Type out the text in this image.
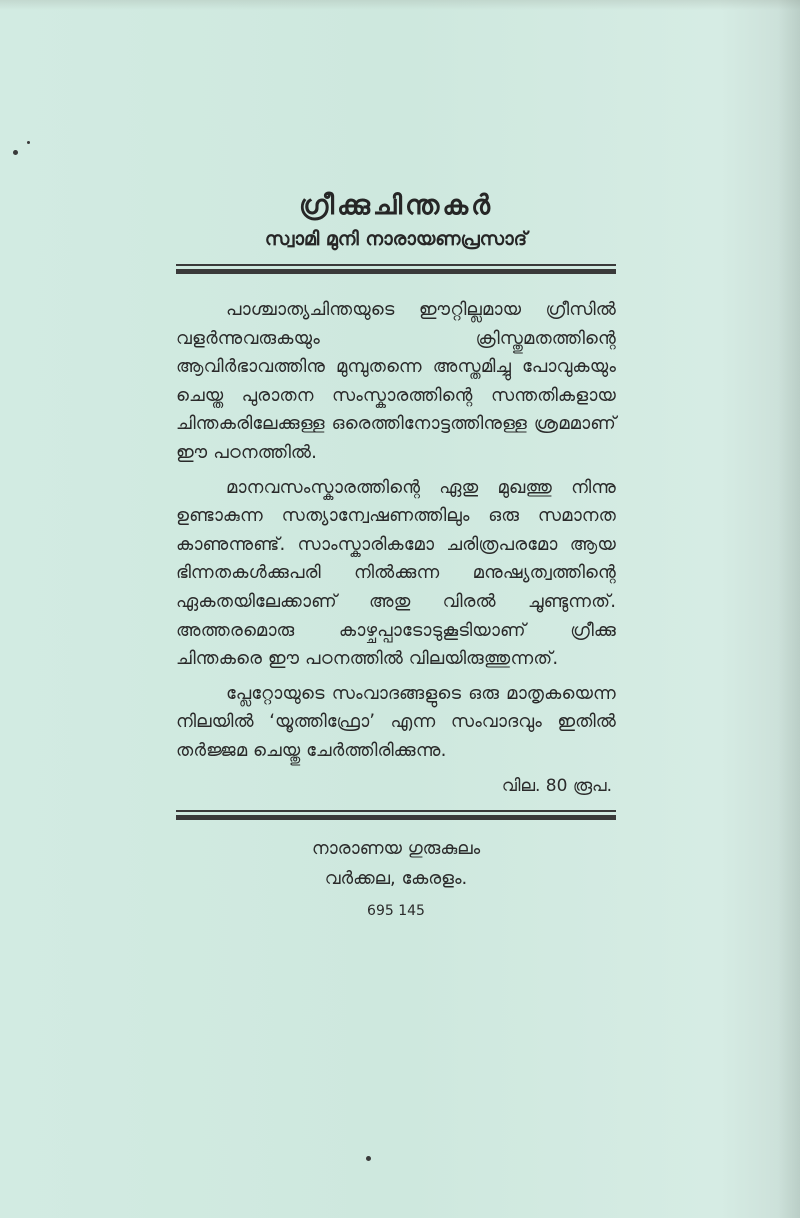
ഗ്രീക്കുചിന്തകർ
സ്വാമി മുനി നാരായണപ്രസാദ്

പാശ്ചാത്യചിന്തയുടെ ഈറ്റില്ലമായ ഗ്രീസിൽ വളർന്നുവരുകയും ക്രിസ്തുമതത്തിന്റെ ആവിർഭാവത്തിനു മുമ്പുതന്നെ അസ്തമിച്ചു പോവുകയും ചെയ്ത പുരാതന സംസ്കാരത്തിന്റെ സന്തതികളായ ചിന്തകരിലേക്കുള്ള ഒരെത്തിനോട്ടത്തിനുള്ള ശ്രമമാണ് ഈ പഠനത്തിൽ.

മാനവസംസ്കാരത്തിന്റെ ഏതു മുഖത്തു നിന്നു ഉണ്ടാകുന്ന സത്യാന്വേഷണത്തിലും ഒരു സമാനത കാണുന്നുണ്ട്. സാംസ്കാരികമോ ചരിത്രപരമോ ആയ ഭിന്നതകൾക്കുപരി നിൽക്കുന്ന മനുഷ്യത്വത്തിന്റെ ഏകതയിലേക്കാണ് അതു വിരൽ ചൂണ്ടുന്നത്. അത്തരമൊരു കാഴ്ചപ്പാടോടുകൂടിയാണ് ഗ്രീക്കു ചിന്തകരെ ഈ പഠനത്തിൽ വിലയിരുത്തുന്നത്.

പ്ലേറ്റോയുടെ സംവാദങ്ങളുടെ ഒരു മാതൃകയെന്ന നിലയിൽ ‘യൂത്തിഫ്രോ’ എന്ന സംവാദവും ഇതിൽ തർജ്ജമ ചെയ്തു ചേർത്തിരിക്കുന്നു.

വില. 80 രൂപ.
നാരാണയ ഗുരുകുലം
വർക്കല, കേരളം.
695 145
